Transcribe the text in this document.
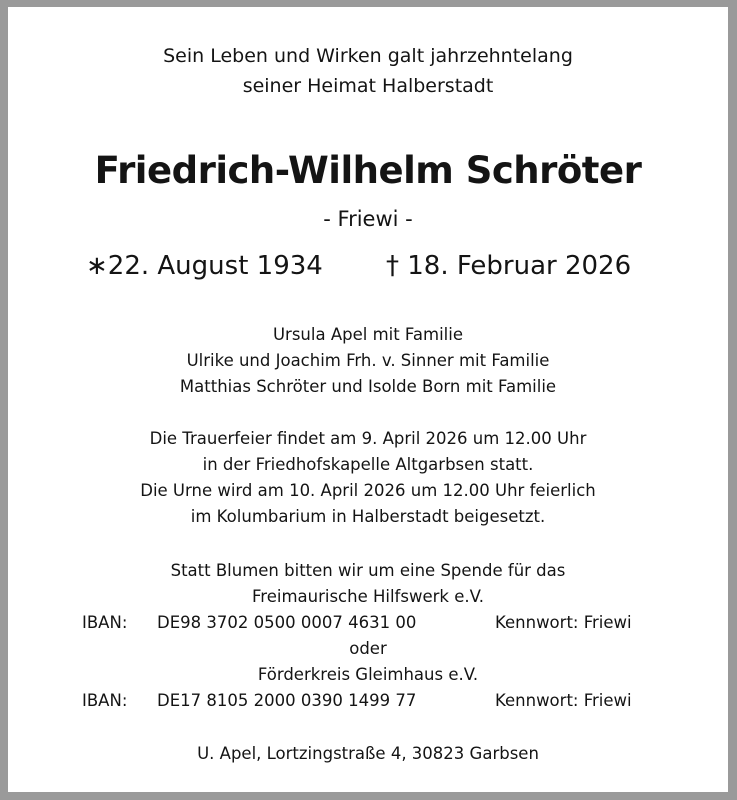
Sein Leben und Wirken galt jahrzehntelang
seiner Heimat Halberstadt
Friedrich-Wilhelm Schröter
- Friewi -
∗22. August 1934 † 18. Februar 2026
Ursula Apel mit Familie
Ulrike und Joachim Frh. v. Sinner mit Familie
Matthias Schröter und Isolde Born mit Familie
Die Trauerfeier findet am 9. April 2026 um 12.00 Uhr
in der Friedhofskapelle Altgarbsen statt.
Die Urne wird am 10. April 2026 um 12.00 Uhr feierlich
im Kolumbarium in Halberstadt beigesetzt.
Statt Blumen bitten wir um eine Spende für das
Freimaurische Hilfswerk e.V.
IBAN: DE98 3702 0500 0007 4631 00	Kennwort: Friewi
oder
Förderkreis Gleimhaus e.V.
IBAN: DE17 8105 2000 0390 1499 77	Kennwort: Friewi
U. Apel, Lortzingstraße 4, 30823 Garbsen
